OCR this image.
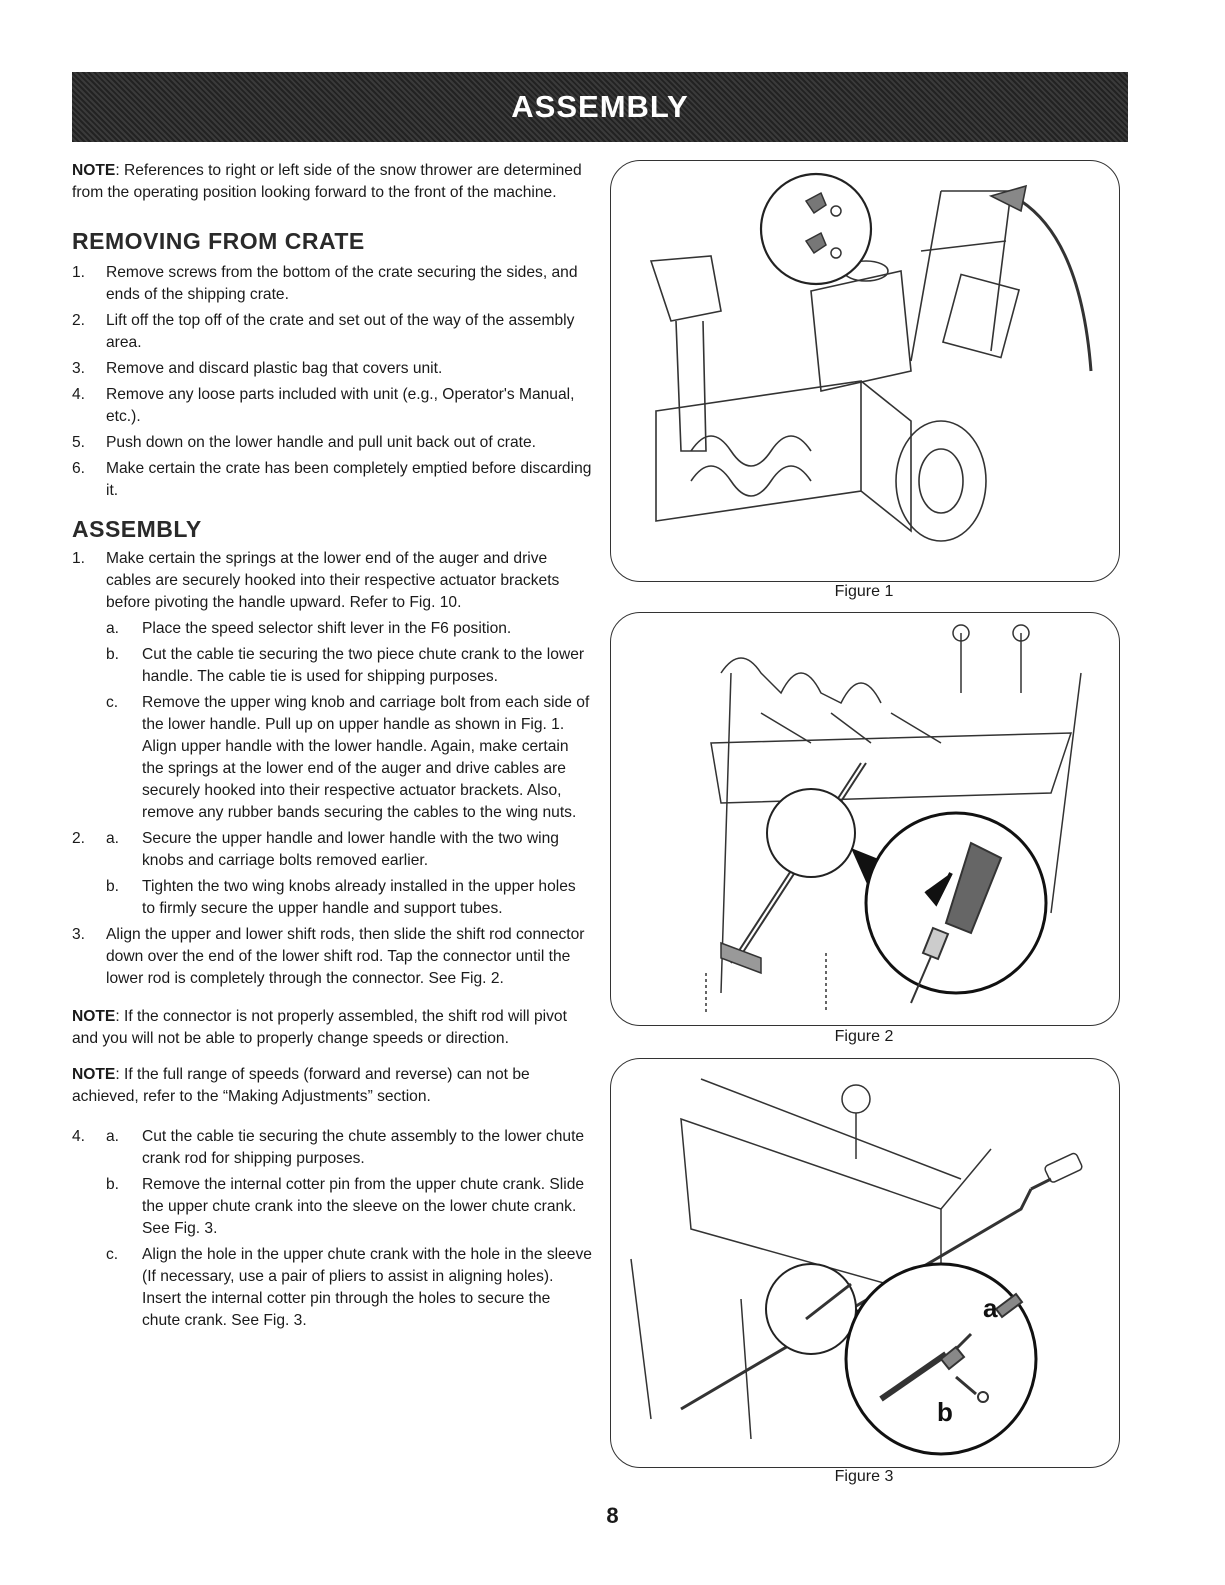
ASSEMBLY

NOTE: References to right or left side of the snow thrower are determined from the operating position looking forward to the front of the machine.

REMOVING FROM CRATE
1.	Remove screws from the bottom of the crate securing the sides, and ends of the shipping crate.
2.	Lift off the top off of the crate and set out of the way of the assembly area.
3.	Remove and discard plastic bag that covers unit.
4.	Remove any loose parts included with unit (e.g., Operator's Manual, etc.).
5.	Push down on the lower handle and pull unit back out of crate.
6.	Make certain the crate has been completely emptied before discarding it.
ASSEMBLY
1.	Make certain the springs at the lower end of the auger and drive cables are securely hooked into their respective actuator brackets before pivoting the handle upward. Refer to Fig. 10.
a.	Place the speed selector shift lever in the F6 position.
b.	Cut the cable tie securing the two piece chute crank to the lower handle. The cable tie is used for shipping purposes.
c.	Remove the upper wing knob and carriage bolt from each side of the lower handle. Pull up on upper handle as shown in Fig. 1. Align upper handle with the lower handle. Again, make certain the springs at the lower end of the auger and drive cables are securely hooked into their respective actuator brackets. Also, remove any rubber bands securing the cables to the wing nuts.
2.	a.	Secure the upper handle and lower handle with the two wing knobs and carriage bolts removed earlier.
b.	Tighten the two wing knobs already installed in the upper holes to firmly secure the upper handle and support tubes.
3.	Align the upper and lower shift rods, then slide the shift rod connector down over the end of the lower shift rod. Tap the connector until the lower rod is completely through the connector. See Fig. 2.

NOTE: If the connector is not properly assembled, the shift rod will pivot and you will not be able to properly change speeds or direction.

NOTE: If the full range of speeds (forward and reverse) can not be achieved, refer to the “Making Adjustments” section.

4.	a.	Cut the cable tie securing the chute assembly to the lower chute crank rod for shipping purposes.
b.	Remove the internal cotter pin from the upper chute crank. Slide the upper chute crank into the sleeve on the lower chute crank. See Fig. 3.
c.	Align the hole in the upper chute crank with the hole in the sleeve (If necessary, use a pair of pliers to assist in aligning holes). Insert the internal cotter pin through the holes to secure the chute crank. See Fig. 3.
Figure 1
Figure 2
a
b
Figure 3
8
